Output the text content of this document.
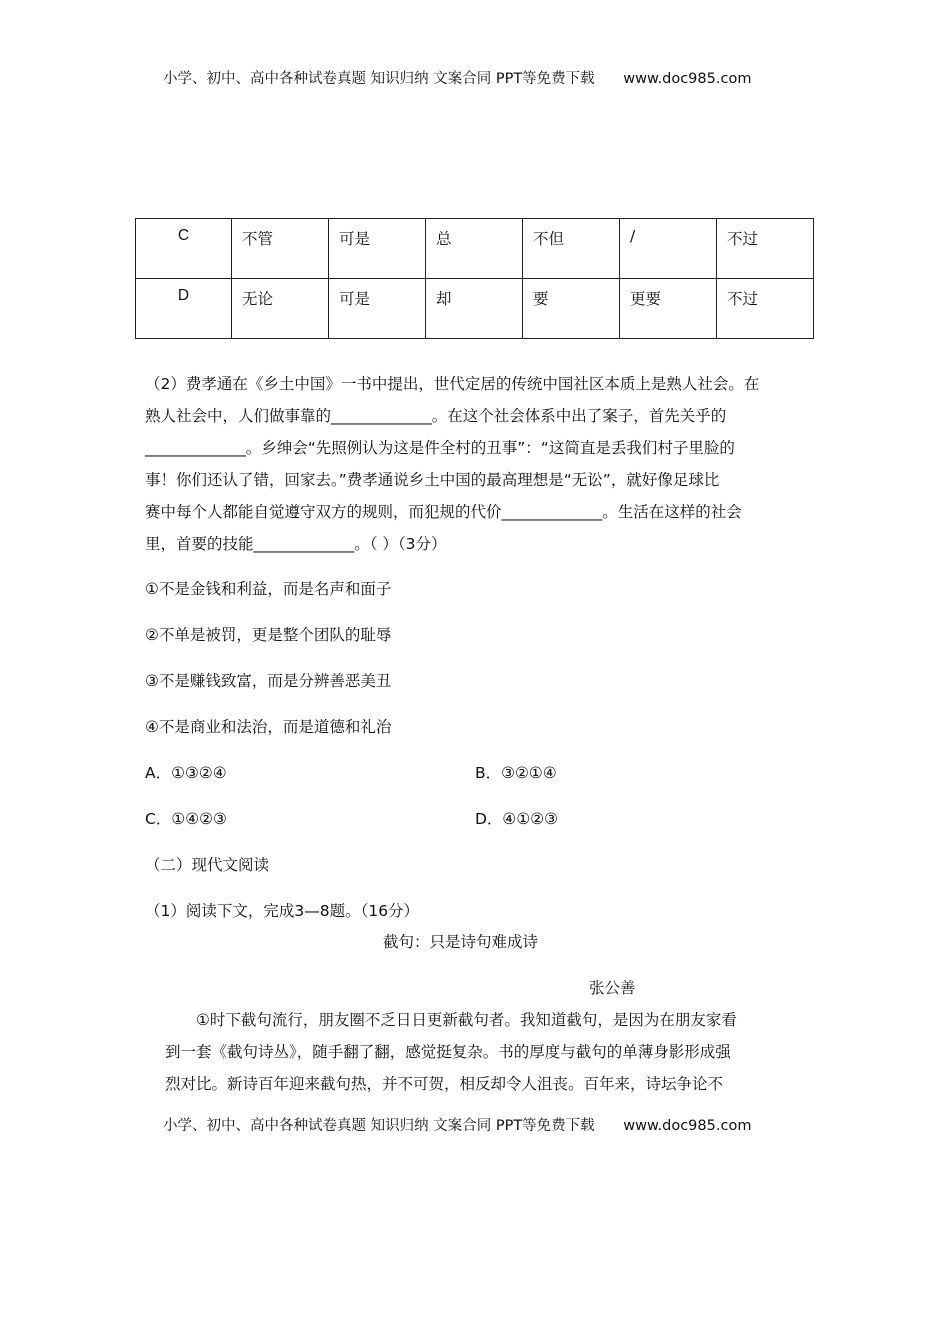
小学、初中、高中各种试卷真题 知识归纳 文案合同 PPT等免费下载 www.doc985.com
C	不管	可是	总	不但	/	不过
D	无论	可是	却	要	更要	不过
（2）费孝通在《乡土中国》一书中提出，世代定居的传统中国社区本质上是熟人社会。在
熟人社会中，人们做事靠的_____________。在这个社会体系中出了案子，首先关乎的
_____________。乡绅会“先照例认为这是件全村的丑事”：“这简直是丢我们村子里脸的
事！你们还认了错，回家去。”费孝通说乡土中国的最高理想是“无讼”，就好像足球比
赛中每个人都能自觉遵守双方的规则，而犯规的代价_____________。生活在这样的社会
里，首要的技能_____________。（ ）（3分）
①不是金钱和利益，而是名声和面子
②不单是被罚，更是整个团队的耻辱
③不是赚钱致富，而是分辨善恶美丑
④不是商业和法治，而是道德和礼治
A．①③②④	B．③②①④
C．①④②③	D．④①②③
（二）现代文阅读
（1）阅读下文，完成3—8题。（16分）
截句：只是诗句难成诗
张公善
①时下截句流行，朋友圈不乏日日更新截句者。我知道截句，是因为在朋友家看
到一套《截句诗丛》，随手翻了翻，感觉挺复杂。书的厚度与截句的单薄身影形成强
烈对比。新诗百年迎来截句热，并不可贺，相反却令人沮丧。百年来，诗坛争论不
小学、初中、高中各种试卷真题 知识归纳 文案合同 PPT等免费下载 www.doc985.com
